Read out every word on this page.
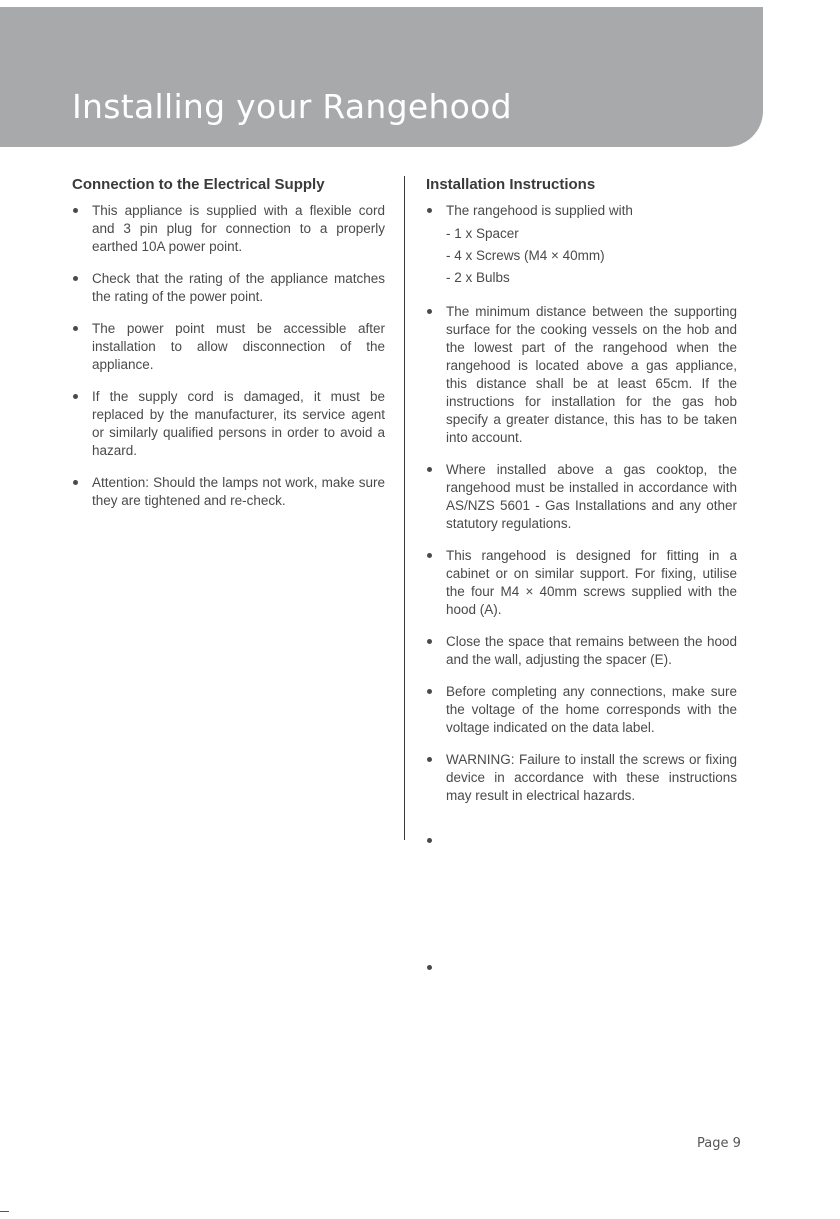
Installing your Rangehood
Connection to the Electrical Supply
This appliance is supplied with a flexible cord and 3 pin plug for connection to a properly earthed 10A power point.
Check that the rating of the appliance matches the rating of the power point.
The power point must be accessible after installation to allow disconnection of the appliance.
If the supply cord is damaged, it must be replaced by the manufacturer, its service agent or similarly qualified persons in order to avoid a hazard.
Attention: Should the lamps not work, make sure they are tightened and re-check.
Installation Instructions
The rangehood is supplied with
- 1 x Spacer
- 4 x Screws (M4 × 40mm)
- 2 x Bulbs
The minimum distance between the supporting surface for the cooking vessels on the hob and the lowest part of the rangehood when the rangehood is located above a gas appliance, this distance shall be at least 65cm. If the instructions for installation for the gas hob specify a greater distance, this has to be taken into account.
Where installed above a gas cooktop, the rangehood must be installed in accordance with AS/NZS 5601 - Gas Installations and any other statutory regulations.
This rangehood is designed for fitting in a cabinet or on similar support. For fixing, utilise the four M4 × 40mm screws supplied with the hood (A).
Close the space that remains between the hood and the wall, adjusting the spacer (E).
Before completing any connections, make sure the voltage of the home corresponds with the voltage indicated on the data label.
WARNING: Failure to install the screws or fixing device in accordance with these instructions may result in electrical hazards.
Page 9
